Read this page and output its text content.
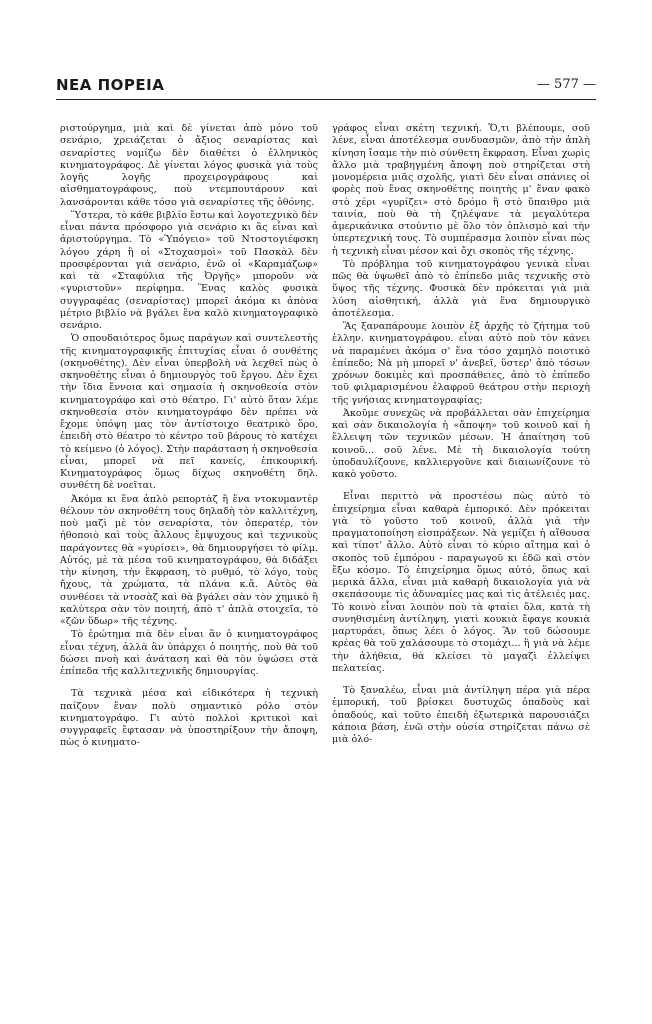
ΝΕΑ ΠΟΡΕΙΑ	— 577 —

ριστούργημα, μιὰ καὶ δὲ γίνεται ἀπὸ μόνο τοῦ σενάριο, χρειάζεται ὁ ἄξιος σεναρίστας καὶ σεναρίστες νομίζω δὲν διαθέτει ὁ ἑλληνικὸς κινηματογράφος. Δὲ γίνεται λόγος φυσικὰ γιὰ τοὺς λογῆς λογῆς προχειρογράφους καὶ αἰσθηματογράφους, ποὺ ντεμπουτάρουν καὶ λανσάρονται κάθε τόσο γιὰ σεναρίστες τῆς ὀθόνης.

Ὕστερα, τὸ κάθε βιβλίο ἔστω καὶ λογοτεχνικὸ δὲν εἶναι πάντα πρόσφορο γιὰ σενάριο κι ἂς εἶναι καὶ ἀριστούργημα. Τὸ «Ὑπόγειο» τοῦ Ντοστογιέφσκη λόγου χάρη ἢ οἱ «Στοχασμοὶ» τοῦ Πασκὰλ δὲν προσφέρονται γιὰ σενάριο, ἐνῶ οἱ «Καραμάζωφ» καὶ τὰ «Σταφύλια τῆς Ὀργῆς» μποροῦν νὰ «γυριστοῦν» περίφημα. Ἕνας καλὸς φυσικὰ συγγραφέας (σεναρίστας) μπορεῖ ἀκόμα κι ἀπὸνα μέτριο βιβλίο νὰ βγάλει ἕνα καλὸ κινηματογραφικὸ σενάριο.

Ὁ σπουδαιότερος ὅμως παράγων καὶ συντελεστὴς τῆς κινηματογραφικῆς ἐπιτυχίας εἶναι ὁ συνθέτης (σκηνοθέτης). Δὲν εἶναι ὑπερβολὴ νὰ λεχθεῖ πὼς ὁ σκηνοθέτης εἶναι ὁ δημιουργὸς τοῦ ἔργου. Δὲν ἔχει τὴν ἴδια ἔννοια καὶ σημασία ἡ σκηνοθεσία στὸν κινηματογράφο καὶ στὸ θέατρο. Γι' αὐτὸ ὅταν λέμε σκηνοθεσία στὸν κινηματογράφο δὲν πρέπει νὰ ἔχομε ὑπόψη μας τὸν ἀντίστοιχο θεατρικὸ ὅρο, ἐπειδὴ στὸ θέατρο τὸ κέντρο τοῦ βάρους τὸ κατέχει τὸ κείμενο (ὁ λόγος). Στὴν παράσταση ἡ σκηνοθεσία εἶναι, μπορεῖ νὰ πεῖ κανείς, ἐπικουρική. Κινηματογράφος ὅμως δίχως σκηνοθέτη δηλ. συνθέτη δὲ νοεῖται.

Ἀκόμα κι ἕνα ἁπλὸ ρεπορτὰζ ἢ ἕνα ντοκυμαντὲρ θέλουν τὸν σκηνοθέτη τους δηλαδὴ τὸν καλλιτέχνη, ποὺ μαζὶ μὲ τὸν σεναρίστα, τὸν ὀπερατέρ, τὸν ἠθοποιὸ καὶ τοὺς ἄλλους ἔμψυχους καὶ τεχνικοὺς παράγοντες θὰ «γυρίσει», θὰ δημιουργήσει τὸ φίλμ. Αὐτός, μὲ τὰ μέσα τοῦ κινηματογράφου, θὰ διδάξει τὴν κίνηση, τὴν ἔκφραση, τὸ ρυθμό, τὸ λόγο, τοὺς ἤχους, τὰ χρώματα, τὰ πλάνα κ.ἄ. Αὐτὸς θὰ συνθέσει τὰ ντοσὰζ καὶ θὰ βγάλει σὰν τὸν χημικὸ ἢ καλύτερα σὰν τὸν ποιητή, ἀπὸ τ' ἁπλὰ στοιχεῖα, τὸ «ζῶν ὕδωρ» τῆς τέχνης.

Τὸ ἐρώτημα πιὰ δὲν εἶναι ἂν ὁ κινηματογράφος εἶναι τέχνη, ἀλλὰ ἂν ὑπάρχει ὁ ποιητής, ποὺ θὰ τοῦ δώσει πνοὴ καὶ ἀνάταση καὶ θὰ τὸν ὑψώσει στὰ ἐπίπεδα τῆς καλλιτεχνικῆς δημιουργίας.

Τὰ τεχνικὰ μέσα καὶ εἰδικότερα ἡ τεχνικὴ παίζουν ἕναν πολὺ σημαντικὸ ρόλο στὸν κινηματογράφο. Γι αὐτὸ πολλοὶ κριτικοὶ καὶ συγγραφεῖς ἔφτασαν νὰ ὑποστηρίξουν τὴν ἄποψη, πὼς ὁ κινηματο-

γράφος εἶναι σκέτη τεχνική. Ὅ,τι βλέπουμε, σοῦ λένε, εἶναι ἀποτέλεσμα συνδυασμῶν, ἀπὸ τὴν ἁπλὴ κίνηση ἴσαμε τὴν πιὸ σύνθετη ἔκφραση. Εἶναι χωρὶς ἄλλο μιὰ τραβηγμένη ἄποψη ποὺ στηρίζεται στὴ μονομέρεια μιᾶς σχολῆς, γιατὶ δὲν εἶναι σπάνιες οἱ φορὲς ποὺ ἕνας σκηνοθέτης ποιητὴς μ' ἕναν φακὸ στὸ χέρι «γυρίζει» στὸ δρόμο ἢ στὸ ὕπαιθρο μιὰ ταινία, ποὺ θὰ τὴ ζηλέψανε τὰ μεγαλύτερα ἀμερικάνικα στούντιο μὲ ὅλο τὸν ὁπλισμὸ καὶ τὴν ὑπερτεχνική τους. Τὸ συμπέρασμα λοιπὸν εἶναι πὼς ἡ τεχνικὴ εἶναι μέσον καὶ ὄχι σκοπὸς τῆς τέχνης.

Τὸ πρόβλημα τοῦ κινηματογράφου γενικὰ εἶναι πῶς θὰ ὑψωθεῖ ἀπὸ τὸ ἐπίπεδο μιᾶς τεχνικῆς στὸ ὕψος τῆς τέχνης. Φυσικὰ δὲν πρόκειται γιὰ μιὰ λύση αἰσθητική, ἀλλὰ γιὰ ἕνα δημιουργικὸ ἀποτέλεσμα.

Ἂς ξαναπάρουμε λοιπὸν ἐξ ἀρχῆς τὸ ζήτημα τοῦ ἑλλην. κινηματογράφου. εἶναι αὐτὸ ποὺ τὸν κάνει νὰ παραμένει ἀκόμα σ' ἕνα τόσο χαμηλὸ ποιοτικὸ ἐπίπεδο; Νὰ μὴ μπορεῖ ν' ἀνεβεῖ, ὕστερ' ἀπὸ τόσων χρόνων δοκιμὲς καὶ προσπάθειες, ἀπὸ τὸ ἐπίπεδο τοῦ φιλμαρισμένου ἐλαφροῦ θεάτρου στὴν περιοχὴ τῆς γνήσιας κινηματογραφίας;

Ἀκοῦμε συνεχῶς νὰ προβάλλεται σὰν ἐπιχείρημα καὶ σὰν δικαιολογία ἡ «ἄποψη» τοῦ κοινοῦ καὶ ἡ ἔλλειψη τῶν τεχνικῶν μέσων. Ἡ ἀπαίτηση τοῦ κοινοῦ... σοῦ λένε. Μὲ τὴ δικαιολογία τούτη ὑποδαυλίζουνε, καλλιεργοῦνε καὶ διαιωνίζουνε τὸ κακὸ γοῦστο.

Εἶναι περιττὸ νὰ προστέσω πὼς αὐτὸ τὸ ἐπιχείρημα εἶναι καθαρὰ ἐμπορικό. Δὲν πρόκειται γιὰ τὸ γοῦστο τοῦ κοινοῦ, ἀλλὰ γιὰ τὴν πραγματοποίηση εἰσπράξεων. Νὰ γεμίζει ἡ αἴθουσα καὶ τίποτ' ἄλλο. Αὐτὸ εἶναι τὸ κύριο αἴτημα καὶ ὁ σκοπὸς τοῦ ἐμπόρου - παραγωγοῦ κι ἐδῶ καὶ στὸν ἔξω κόσμο. Τὸ ἐπιχείρημα ὅμως αὐτό, ὅπως καὶ μερικὰ ἄλλα, εἶναι μιὰ καθαρὴ δικαιολογία γιὰ νὰ σκεπάσουμε τὶς ἀδυναμίες μας καὶ τὶς ἀτέλειές μας. Τὸ κοινὸ εἶναι λοιπὸν ποὺ τὰ φταίει ὅλα, κατὰ τὴ συνηθισμένη ἀντίληψη, γιατὶ κουκιὰ ἔφαγε κουκιὰ μαρτυράει, ὅπως λέει ὁ λόγος. Ἂν τοῦ δώσουμε κρέας θὰ τοῦ χαλάσουμε τὸ στομάχι... ἢ γιὰ νὰ λέμε τὴν ἀλήθεια, θὰ κλείσει τὸ μαγαζὶ ἐλλείψει πελατείας.

Τὸ ξαναλέω, εἶναι μιὰ ἀντίληψη πέρα γιὰ πέρα ἐμπορική, τοῦ βρίσκει δυστυχῶς ὀπαδοὺς καὶ ὁπαδούς, καὶ τοῦτο ἐπειδὴ ἐξωτερικὰ παρουσιάζει κάποια βάση, ἐνῶ στὴν οὐσία στηρίζεται πάνω σὲ μιὰ ὁλό-
